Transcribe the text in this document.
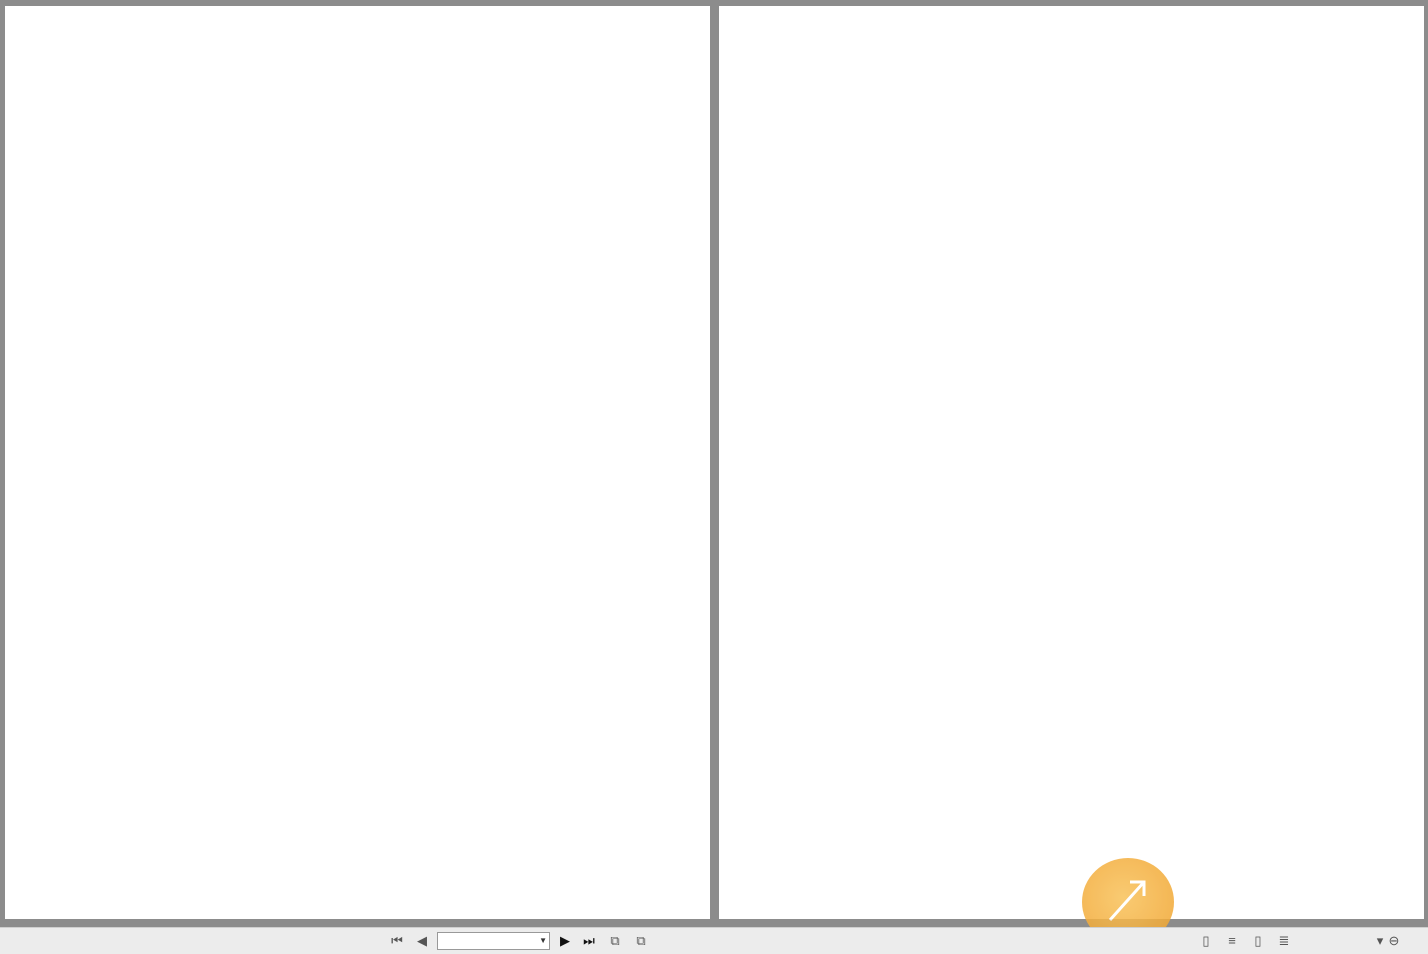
⏮ ◀	▼ ▶ ⏭ ⧉ ⧉	▯	≡	▯	≣	▾ ⊖
